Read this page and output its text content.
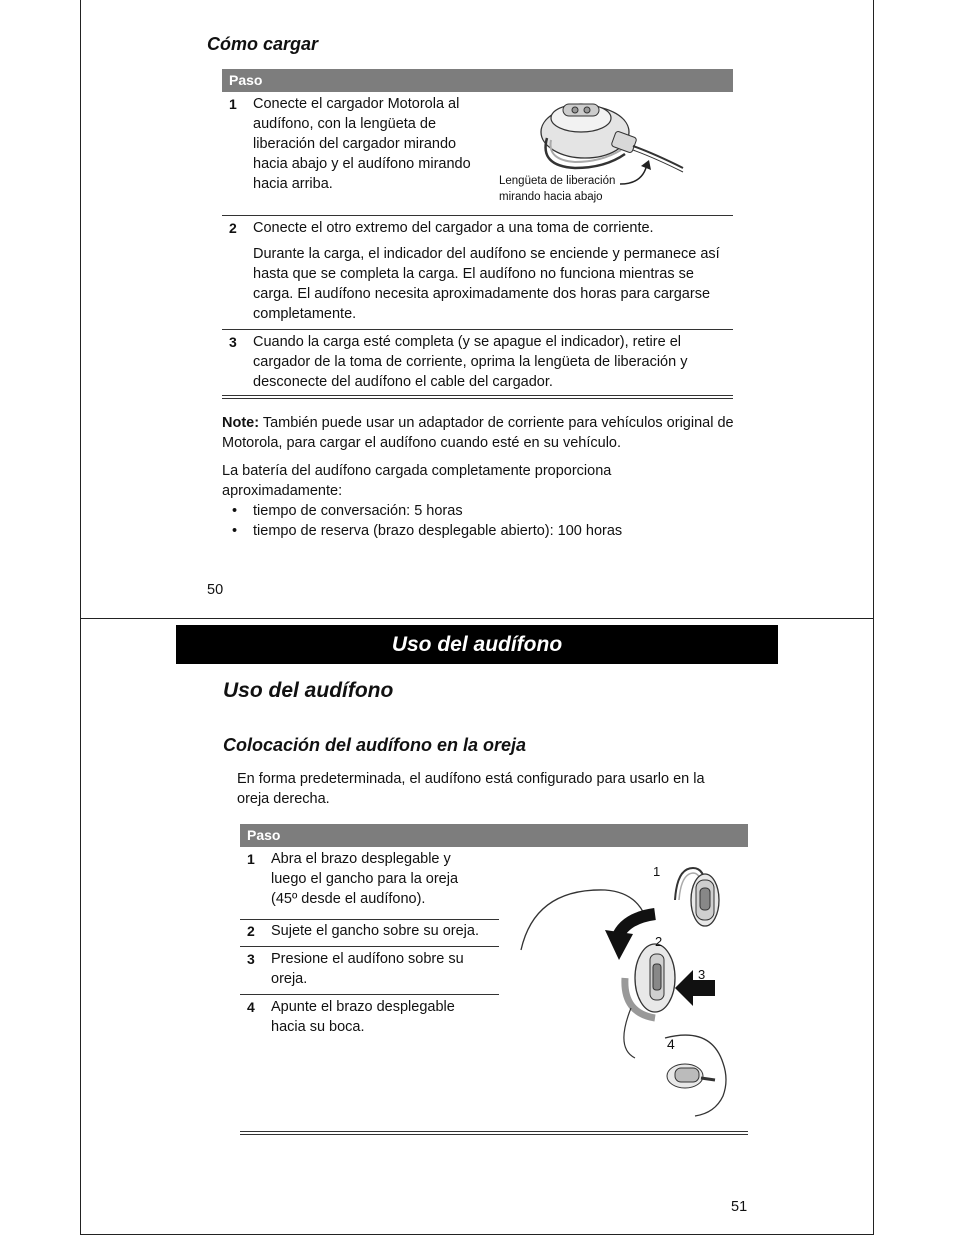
Cómo cargar
Paso
1 Conecte el cargador Motorola al audífono, con la lengüeta de liberación del cargador mirando hacia abajo y el audífono mirando hacia arriba.	Lengüeta de liberación
mirando hacia abajo
2 Conecte el otro extremo del cargador a una toma de corriente.

Durante la carga, el indicador del audífono se enciende y permanece así hasta que se completa la carga. El audífono no funciona mientras se carga. El audífono necesita aproximadamente dos horas para cargarse completamente.

3 Cuando la carga esté completa (y se apague el indicador), retire el cargador de la toma de corriente, oprima la lengüeta de liberación y desconecte del audífono el cable del cargador.

Note: También puede usar un adaptador de corriente para vehículos original de Motorola, para cargar el audífono cuando esté en su vehículo.

La batería del audífono cargada completamente proporciona aproximadamente:

• tiempo de conversación: 5 horas
• tiempo de reserva (brazo desplegable abierto): 100 horas
50
Uso del audífono
Uso del audífono
Colocación del audífono en la oreja

En forma predeterminada, el audífono está configurado para usarlo en la oreja derecha.

Paso
1 Abra el brazo desplegable y luego el gancho para la oreja (45º desde el audífono).

2 Sujete el gancho sobre su oreja.

3 Presione el audífono sobre su oreja.

4 Apunte el brazo desplegable hacia su boca.

1
2
3
4
51
